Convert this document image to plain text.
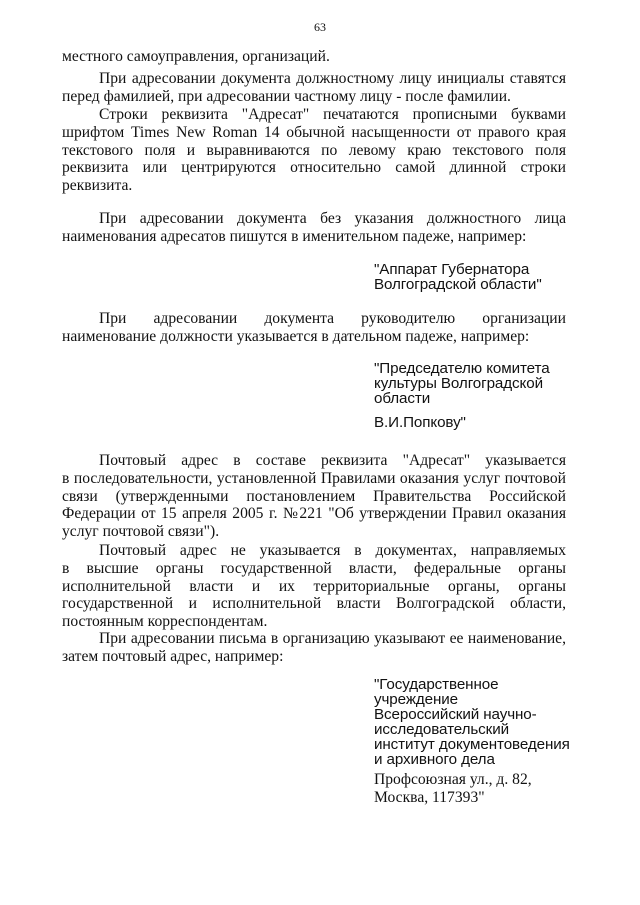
63
местного самоуправления, организаций.
При адресовании документа должностному лицу инициалы ставятся
перед фамилией, при адресовании частному лицу - после фамилии.
Строки реквизита "Адресат" печатаются прописными буквами
шрифтом Times New Roman 14 обычной насыщенности от правого края
текстового поля и выравниваются по левому краю текстового поля
реквизита или центрируются относительно самой длинной строки
реквизита.
При адресовании документа без указания должностного лица
наименования адресатов пишутся в именительном падеже, например:
"Аппарат Губернатора
Волгоградской области"
При адресовании документа руководителю организации
наименование должности указывается в дательном падеже, например:
"Председателю комитета
культуры Волгоградской
области
В.И.Попкову"
Почтовый адрес в составе реквизита "Адресат" указывается
в последовательности, установленной Правилами оказания услуг почтовой
связи (утвержденными постановлением Правительства Российской
Федерации от 15 апреля 2005 г. №221 "Об утверждении Правил оказания
услуг почтовой связи").
Почтовый адрес не указывается в документах, направляемых
в высшие органы государственной власти, федеральные органы
исполнительной власти и их территориальные органы, органы
государственной и исполнительной власти Волгоградской области,
постоянным корреспондентам.
При адресовании письма в организацию указывают ее наименование,
затем почтовый адрес, например:
"Государственное
учреждение
Всероссийский научно-
исследовательский
институт документоведения
и архивного дела
Профсоюзная ул., д. 82,
Москва, 117393"
